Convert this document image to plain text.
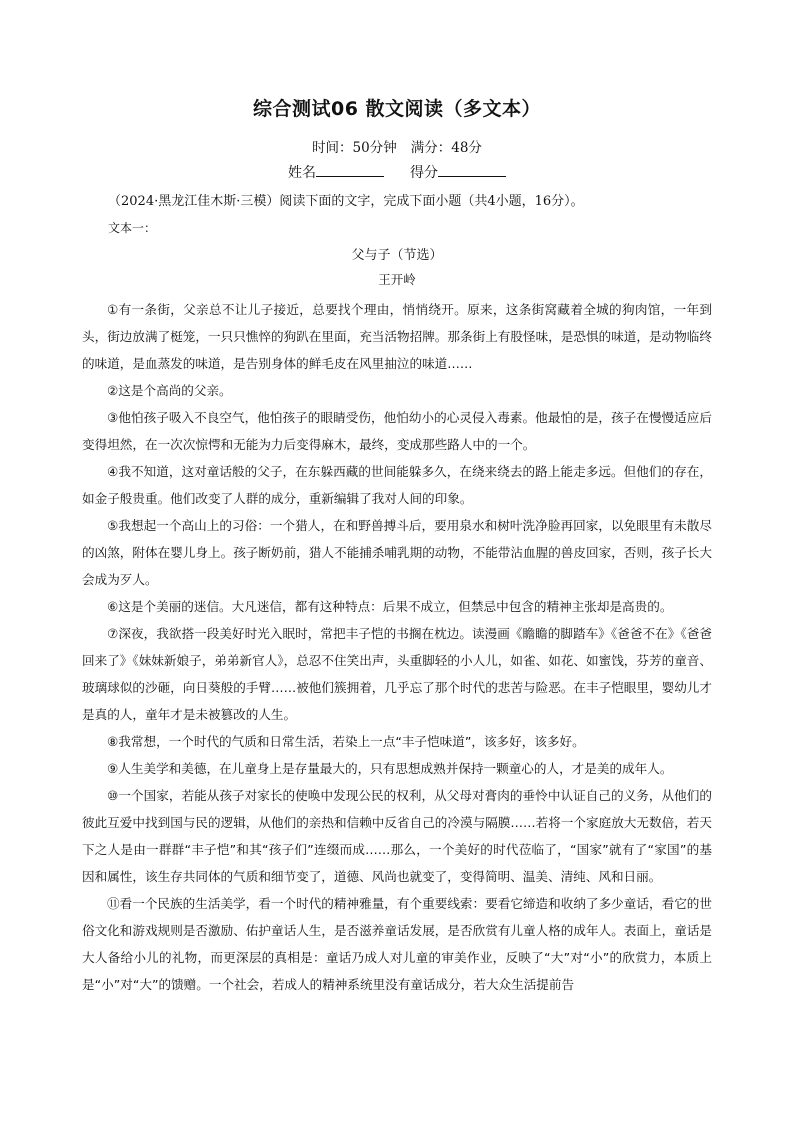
综合测试06 散文阅读（多文本）
时间：50分钟 满分：48分
姓名	得分
（2024·黑龙江佳木斯·三模）阅读下面的文字，完成下面小题（共4小题，16分）。
文本一：
父与子（节选）
王开岭

①有一条街，父亲总不让儿子接近，总要找个理由，悄悄绕开。原来，这条街窝藏着全城的狗肉馆，一年到头，街边放满了梃笼，一只只憔悴的狗趴在里面，充当活物招牌。那条街上有股怪味，是恐惧的味道，是动物临终的味道，是血蒸发的味道，是告别身体的鲜毛皮在风里抽泣的味道……

②这是个高尚的父亲。

③他怕孩子吸入不良空气，他怕孩子的眼睛受伤，他怕幼小的心灵侵入毒素。他最怕的是，孩子在慢慢适应后变得坦然，在一次次惊愕和无能为力后变得麻木，最终，变成那些路人中的一个。

④我不知道，这对童话般的父子，在东躲西藏的世间能躲多久，在绕来绕去的路上能走多远。但他们的存在，如金子般贵重。他们改变了人群的成分，重新编辑了我对人间的印象。

⑤我想起一个高山上的习俗：一个猎人，在和野兽搏斗后，要用泉水和树叶洗净脸再回家，以免眼里有未散尽的凶煞，附体在婴儿身上。孩子断奶前，猎人不能捕杀哺乳期的动物，不能带沾血腥的兽皮回家，否则，孩子长大会成为歹人。

⑥这是个美丽的迷信。大凡迷信，都有这种特点：后果不成立，但禁忌中包含的精神主张却是高贵的。

⑦深夜，我欲搭一段美好时光入眠时，常把丰子恺的书搁在枕边。读漫画《瞻瞻的脚踏车》《爸爸不在》《爸爸回来了》《妹妹新娘子，弟弟新官人》，总忍不住笑出声，头重脚轻的小人儿，如雀、如花、如蜜饯，芬芳的童音、玻璃球似的沙砸，向日葵般的手臂……被他们簇拥着，几乎忘了那个时代的悲苦与险恶。在丰子恺眼里，婴幼儿才是真的人，童年才是未被篡改的人生。

⑧我常想，一个时代的气质和日常生活，若染上一点“丰子恺味道”，该多好，该多好。

⑨人生美学和美德，在儿童身上是存量最大的，只有思想成熟并保持一颗童心的人，才是美的成年人。

⑩一个国家，若能从孩子对家长的使唤中发现公民的权利，从父母对膏肉的垂怜中认证自己的义务，从他们的彼此互爱中找到国与民的逻辑，从他们的亲热和信赖中反省自己的冷漠与隔膜……若将一个家庭放大无数倍，若天下之人是由一群群“丰子恺”和其“孩子们”连缀而成……那么，一个美好的时代莅临了，“国家”就有了“家国”的基因和属性，该生存共同体的气质和细节变了，道德、风尚也就变了，变得简明、温美、清纯、风和日丽。

⑪看一个民族的生活美学，看一个时代的精神雅量，有个重要线索：要看它缔造和收纳了多少童话，看它的世俗文化和游戏规则是否激励、佑护童话人生，是否滋养童话发展，是否欣赏有儿童人格的成年人。表面上，童话是大人备给小儿的礼物，而更深层的真相是：童话乃成人对儿童的审美作业，反映了“大”对“小”的欣赏力，本质上是“小”对“大”的馈赠。一个社会，若成人的精神系统里没有童话成分，若大众生活提前告
